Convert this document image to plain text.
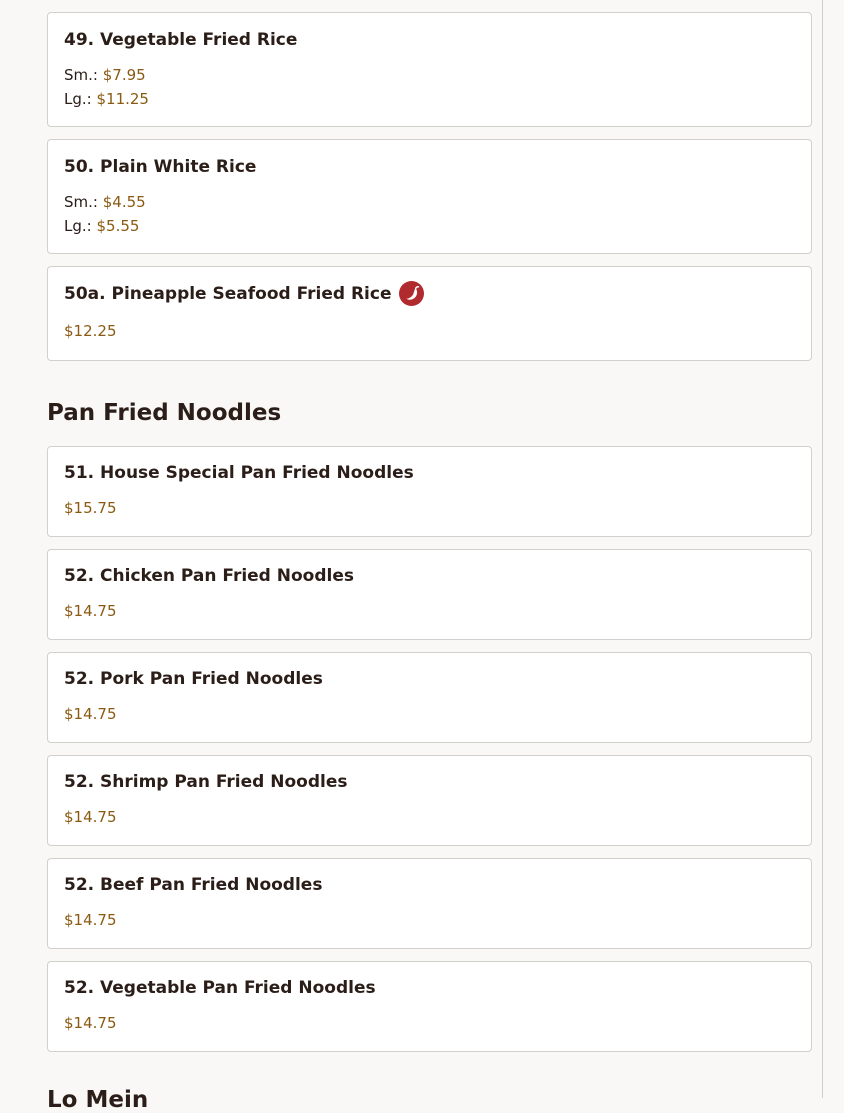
49. Vegetable Fried Rice
Sm.: $7.95
Lg.: $11.25
50. Plain White Rice
Sm.: $4.55
Lg.: $5.55
50a. Pineapple Seafood Fried Rice
$12.25
Pan Fried Noodles
51. House Special Pan Fried Noodles
$15.75
52. Chicken Pan Fried Noodles
$14.75
52. Pork Pan Fried Noodles
$14.75
52. Shrimp Pan Fried Noodles
$14.75
52. Beef Pan Fried Noodles
$14.75
52. Vegetable Pan Fried Noodles
$14.75
Lo Mein
